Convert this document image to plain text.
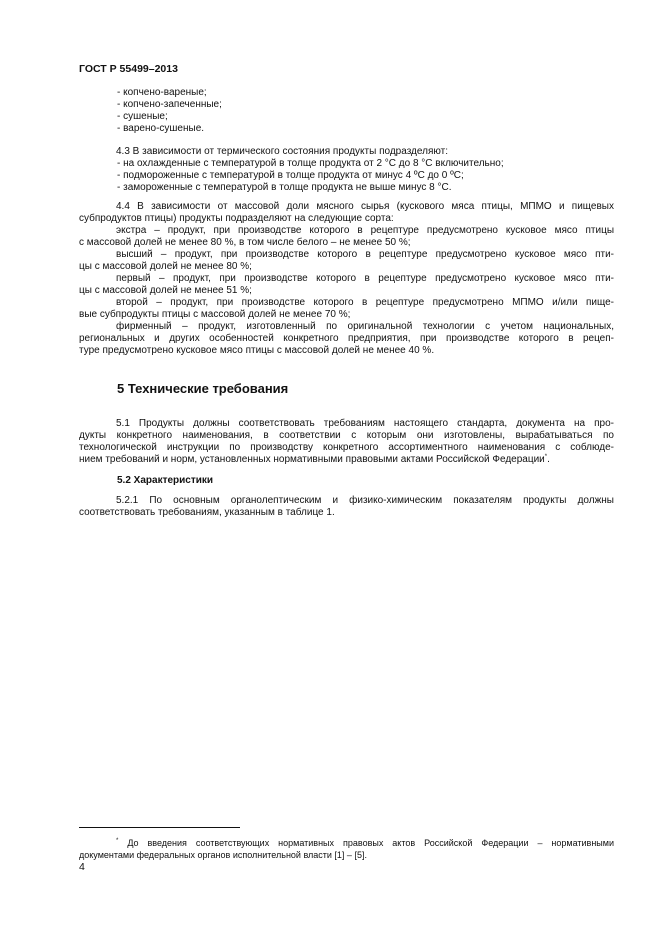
ГОСТ Р 55499–2013
- копчено-вареные;
- копчено-запеченные;
- сушеные;
- варено-сушеные.
4.3 В зависимости от термического состояния продукты подразделяют:
- на охлажденные с температурой в толще продукта от 2 °С до 8 °С включительно;
- подмороженные с температурой в толще продукта от минус 4 ºС до 0 ºС;
- замороженные с температурой в толще продукта не выше минус 8 °С.
4.4 В зависимости от массовой доли мясного сырья (кускового мяса птицы, МПМО и пищевых
субпродуктов птицы) продукты подразделяют на следующие сорта:
экстра – продукт, при производстве которого в рецептуре предусмотрено кусковое мясо птицы
с массовой долей не менее 80 %, в том числе белого – не менее 50 %;
высший – продукт, при производстве которого в рецептуре предусмотрено кусковое мясо пти-
цы с массовой долей не менее 80 %;
первый – продукт, при производстве которого в рецептуре предусмотрено кусковое мясо пти-
цы с массовой долей не менее 51 %;
второй – продукт, при производстве которого в рецептуре предусмотрено МПМО и/или пище-
вые субпродукты птицы с массовой долей не менее 70 %;
фирменный – продукт, изготовленный по оригинальной технологии с учетом национальных,
региональных и других особенностей конкретного предприятия, при производстве которого в рецеп-
туре предусмотрено кусковое мясо птицы с массовой долей не менее 40 %.
5 Технические требования
5.1 Продукты должны соответствовать требованиям настоящего стандарта, документа на про-
дукты конкретного наименования, в соответствии с которым они изготовлены, вырабатываться по
технологической инструкции по производству конкретного ассортиментного наименования с соблюде-
нием требований и норм, установленных нормативными правовыми актами Российской Федерации*.
5.2 Характеристики
5.2.1 По основным органолептическим и физико-химическим показателям продукты должны
соответствовать требованиям, указанным в таблице 1.
* До введения соответствующих нормативных правовых актов Российской Федерации – нормативными
документами федеральных органов исполнительной власти [1] – [5].
4
